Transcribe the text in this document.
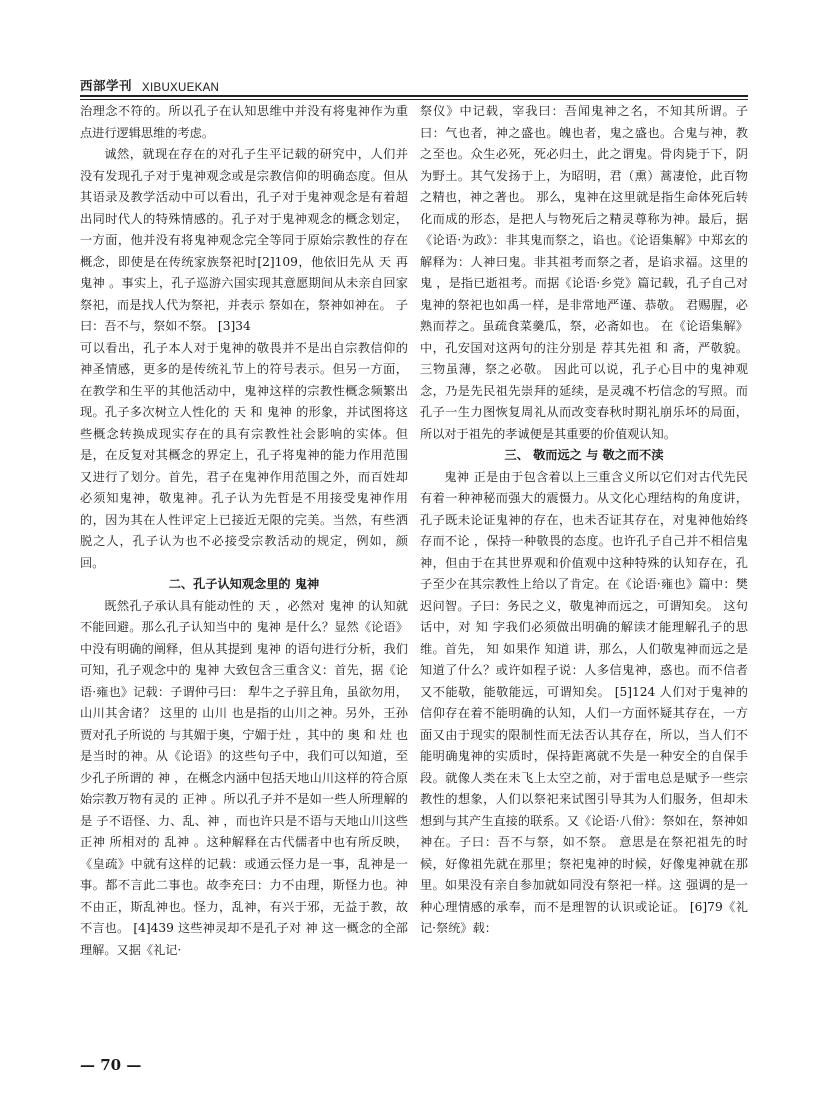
西部学刊 XIBUXUEKAN

治理念不符的。所以孔子在认知思维中并没有将鬼神作为重点进行逻辑思维的考虑。

诚然，就现在存在的对孔子生平记载的研究中，人们并没有发现孔子对于鬼神观念或是宗教信仰的明确态度。但从其语录及教学活动中可以看出，孔子对于鬼神观念是有着超出同时代人的特殊情感的。孔子对于鬼神观念的概念划定，一方面，他并没有将鬼神观念完全等同于原始宗教性的存在概念，即使是在传统家族祭祀时[2]109，他依旧先从 天 再 鬼神 。事实上，孔子巡游六国实现其意愿期间从未亲自回家祭祀，而是找人代为祭祀，并表示 祭如在，祭神如神在。 子曰：吾不与，祭如不祭。 [3]34

可以看出，孔子本人对于鬼神的敬畏并不是出自宗教信仰的神圣情感，更多的是传统礼节上的符号表示。但另一方面，在教学和生平的其他活动中，鬼神这样的宗教性概念频繁出现。孔子多次树立人性化的 天 和 鬼神 的形象，并试图将这些概念转换成现实存在的具有宗教性社会影响的实体。但是，在反复对其概念的界定上，孔子将鬼神的能力作用范围又进行了划分。首先，君子在鬼神作用范围之外，而百姓却必须知鬼神，敬鬼神。孔子认为先哲是不用接受鬼神作用的，因为其在人性评定上已接近无限的完美。当然，有些洒脱之人，孔子认为也不必接受宗教活动的规定，例如，颜回。

二、孔子认知观念里的 鬼神

既然孔子承认具有能动性的 天 ，必然对 鬼神 的认知就不能回避。那么孔子认知当中的 鬼神 是什么？显然《论语》中没有明确的阐释，但从其提到 鬼神 的语句进行分析，我们可知，孔子观念中的 鬼神 大致包含三重含义：首先，据《论语·雍也》记载：子谓仲弓曰： 犁牛之子骍且角，虽欲勿用，山川其舍诸？ 这里的 山川 也是指的山川之神。另外，王孙贾对孔子所说的 与其媚于奥，宁媚于灶 ，其中的 奥 和 灶 也是当时的神。从《论语》的这些句子中，我们可以知道，至少孔子所谓的 神 ，在概念内涵中包括天地山川这样的符合原始宗教万物有灵的 正神 。所以孔子并不是如一些人所理解的是 子不语怪、力、乱、神 ，而也许只是不语与天地山川这些 正神 所相对的 乱神 。这种解释在古代儒者中也有所反映，《皇疏》中就有这样的记载：或通云怪力是一事，乱神是一事。都不言此二事也。故李充曰：力不由理，斯怪力也。神不由正，斯乱神也。怪力，乱神，有兴于邪，无益于教，故不言也。 [4]439 这些神灵却不是孔子对 神 这一概念的全部理解。又据《礼记·

祭仪》中记载，宰我曰：吾闻鬼神之名，不知其所谓。子曰：气也者，神之盛也。魄也者，鬼之盛也。合鬼与神，教之至也。众生必死，死必归土，此之谓鬼。骨肉毙于下，阴为野土。其气发扬于上，为昭明，君（熏）蒿凄怆，此百物之精也，神之著也。 那么，鬼神在这里就是指生命体死后转化而成的形态，是把人与物死后之精灵尊称为神。最后，据《论语·为政》：非其鬼而祭之，谄也。《论语集解》中郑玄的解释为：人神曰鬼。非其祖考而祭之者，是谄求福。这里的 鬼 ，是指已逝祖考。而据《论语·乡党》篇记载，孔子自己对鬼神的祭祀也如禹一样，是非常地严谨、恭敬。 君赐腥，必熟而荐之。虽疏食菜羹瓜，祭，必斋如也。 在《论语集解》中，孔安国对这两句的注分别是 荐其先祖 和 斋，严敬貌。三物虽薄，祭之必敬。 因此可以说，孔子心目中的鬼神观念，乃是先民祖先崇拜的延续，是灵魂不朽信念的写照。而孔子一生力图恢复周礼从而改变春秋时期礼崩乐坏的局面，所以对于祖先的孝诚便是其重要的价值观认知。

三、 敬而远之 与 敬之而不渎

鬼神 正是由于包含着以上三重含义所以它们对古代先民有着一种神秘而强大的震慑力。从文化心理结构的角度讲，孔子既未论证鬼神的存在，也未否证其存在，对鬼神他始终 存而不论 ，保持一种敬畏的态度。也许孔子自己并不相信鬼神，但由于在其世界观和价值观中这种特殊的认知存在，孔子至少在其宗教性上给以了肯定。在《论语·雍也》篇中：樊迟问智。子曰：务民之义，敬鬼神而远之，可谓知矣。 这句话中，对 知 字我们必须做出明确的解读才能理解孔子的思维。首先， 知 如果作 知道 讲，那么，人们敬鬼神而远之是知道了什么？或许如程子说：人多信鬼神，惑也。而不信者又不能敬，能敬能远，可谓知矣。 [5]124 人们对于鬼神的信仰存在着不能明确的认知，人们一方面怀疑其存在，一方面又由于现实的限制性而无法否认其存在，所以，当人们不能明确鬼神的实质时，保持距离就不失是一种安全的自保手段。就像人类在未飞上太空之前，对于雷电总是赋予一些宗教性的想象，人们以祭祀来试图引导其为人们服务，但却未想到与其产生直接的联系。又《论语·八佾》：祭如在，祭神如神在。子曰：吾不与祭，如不祭。 意思是在祭祀祖先的时候，好像祖先就在那里；祭祀鬼神的时候，好像鬼神就在那里。如果没有亲自参加就如同没有祭祀一样。这 强调的是一种心理情感的承奉，而不是理智的认识或论证。 [6]79《礼记·祭统》载：

— 70 —
